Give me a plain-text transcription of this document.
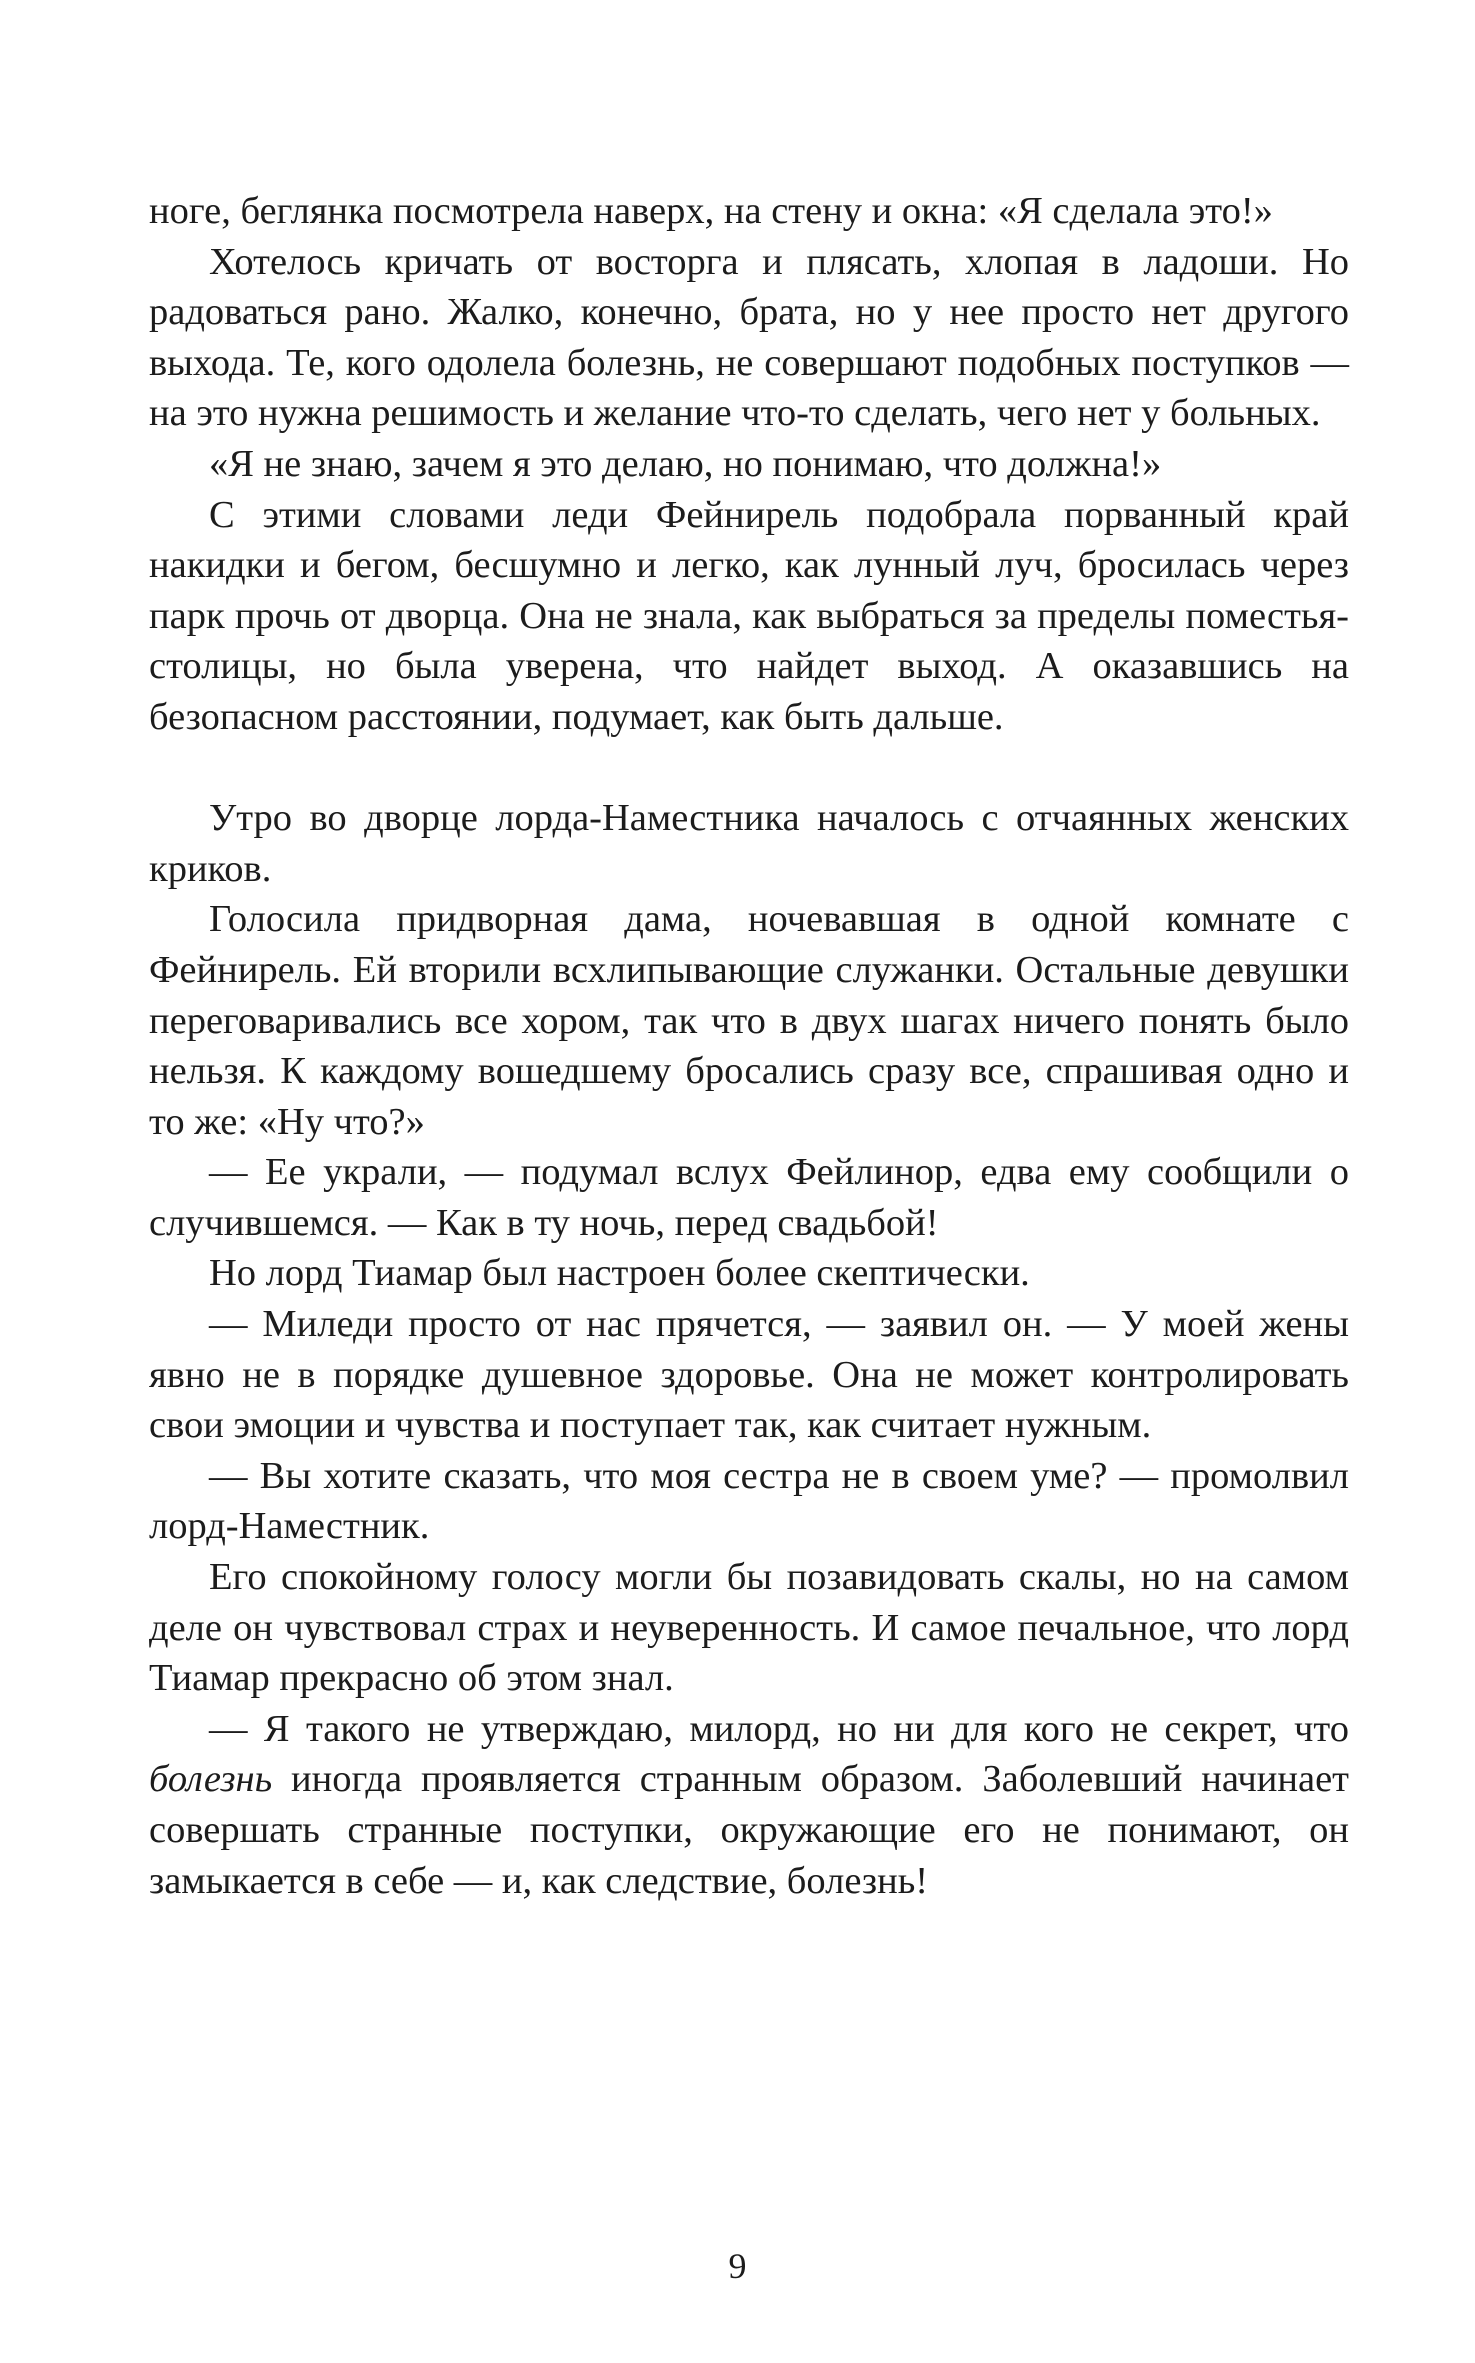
ноге, беглянка посмотрела наверх, на стену и окна: «Я сделала это!»

Хотелось кричать от восторга и плясать, хлопая в ладоши. Но радоваться рано. Жалко, конечно, брата, но у нее просто нет другого выхода. Те, кого одолела болезнь, не совершают подобных поступков — на это нужна решимость и желание что-то сделать, чего нет у больных.

«Я не знаю, зачем я это делаю, но понимаю, что должна!»

С этими словами леди Фейнирель подобрала порванный край накидки и бегом, бесшумно и легко, как лунный луч, бросилась через парк прочь от дворца. Она не знала, как выбраться за пределы поместья-столицы, но была уверена, что найдет выход. А оказавшись на безопасном расстоянии, подумает, как быть дальше.

Утро во дворце лорда-Наместника началось с отчаянных женских криков.

Голосила придворная дама, ночевавшая в одной комнате с Фейнирель. Ей вторили всхлипывающие служанки. Остальные девушки переговаривались все хором, так что в двух шагах ничего понять было нельзя. К каждому вошедшему бросались сразу все, спрашивая одно и то же: «Ну что?»

— Ее украли, — подумал вслух Фейлинор, едва ему сообщили о случившемся. — Как в ту ночь, перед свадьбой!

Но лорд Тиамар был настроен более скептически.

— Миледи просто от нас прячется, — заявил он. — У моей жены явно не в порядке душевное здоровье. Она не может контролировать свои эмоции и чувства и поступает так, как считает нужным.

— Вы хотите сказать, что моя сестра не в своем уме? — промолвил лорд-Наместник.

Его спокойному голосу могли бы позавидовать скалы, но на самом деле он чувствовал страх и неуверенность. И самое печальное, что лорд Тиамар прекрасно об этом знал.

— Я такого не утверждаю, милорд, но ни для кого не секрет, что болезнь иногда проявляется странным образом. Заболевший начинает совершать странные поступки, окружающие его не понимают, он замыкается в себе — и, как следствие, болезнь!

9
